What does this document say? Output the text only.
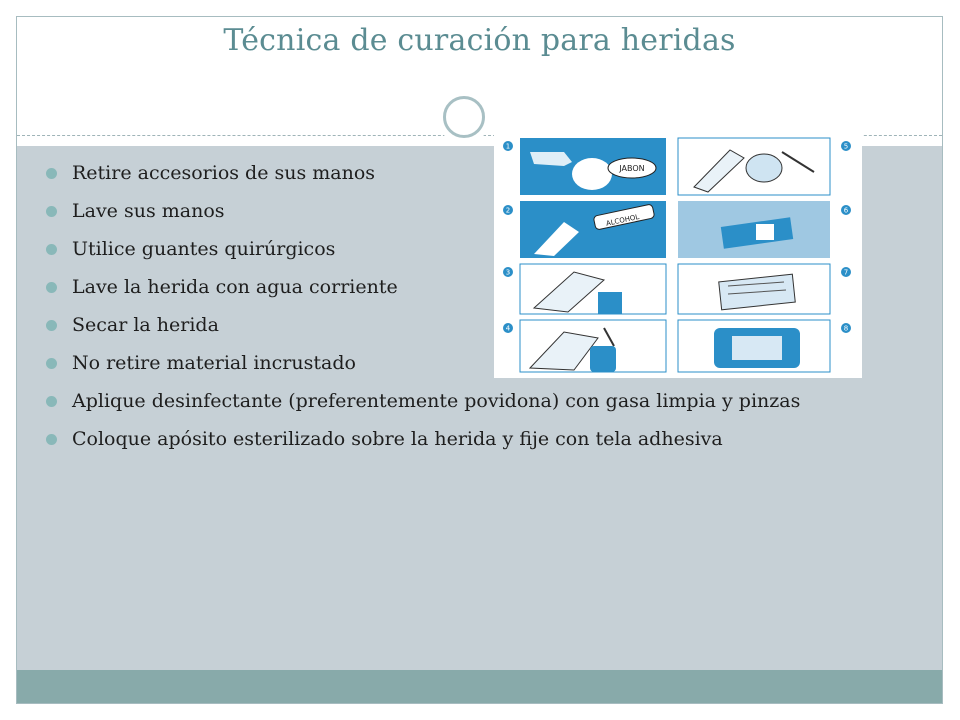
Técnica de curación para heridas
JABON
ALCOHOL
1
2
3
4
5
6
7
8
Retire accesorios de sus manos
Lave sus manos
Utilice guantes quirúrgicos
Lave la herida con agua corriente
Secar la herida
No retire material incrustado
Aplique desinfectante (preferentemente povidona) con gasa limpia y pinzas
Coloque apósito esterilizado sobre la herida y fije con tela adhesiva
